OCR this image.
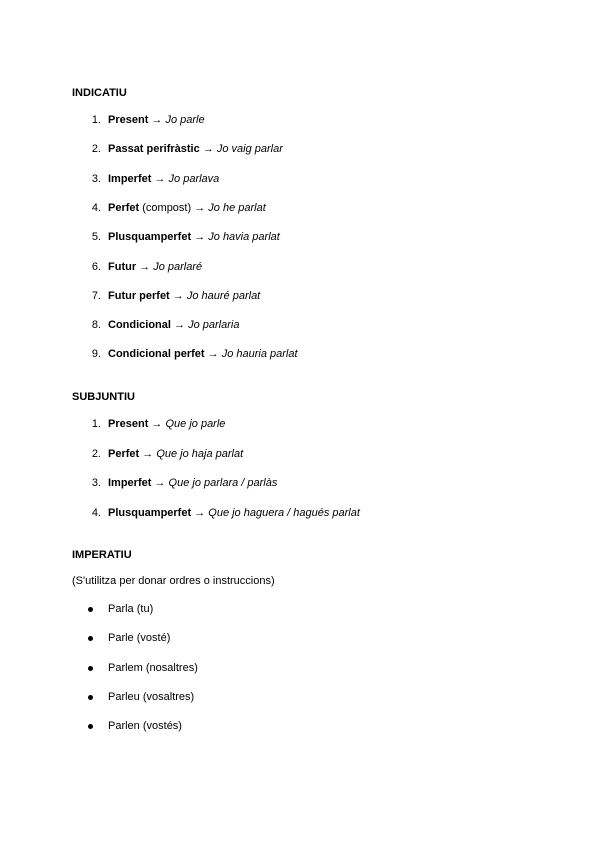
INDICATIU
1. Present → Jo parle
2. Passat perifràstic → Jo vaig parlar
3. Imperfet → Jo parlava
4. Perfet (compost) → Jo he parlat
5. Plusquamperfet → Jo havia parlat
6. Futur → Jo parlaré
7. Futur perfet → Jo hauré parlat
8. Condicional → Jo parlaria
9. Condicional perfet → Jo hauria parlat
SUBJUNTIU
1. Present → Que jo parle
2. Perfet → Que jo haja parlat
3. Imperfet → Que jo parlara / parlàs
4. Plusquamperfet → Que jo haguera / hagués parlat
IMPERATIU
(S'utilitza per donar ordres o instruccions)
Parla (tu)
Parle (vosté)
Parlem (nosaltres)
Parleu (vosaltres)
Parlen (vostés)
